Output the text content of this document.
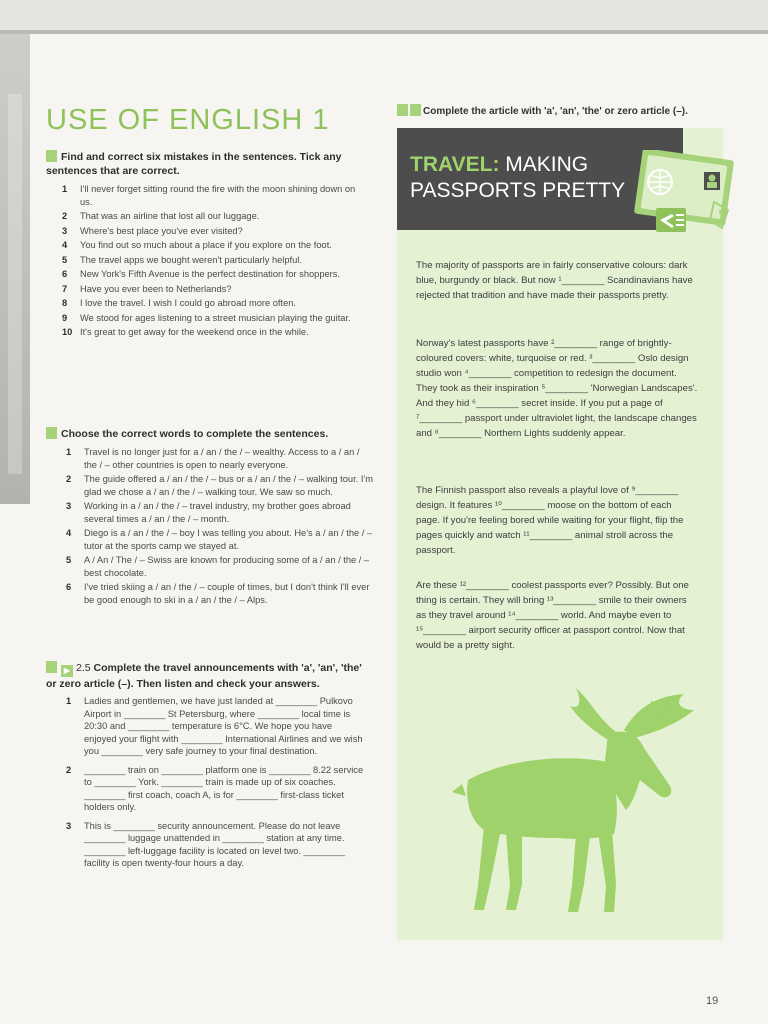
USE OF ENGLISH 1
Find and correct six mistakes in the sentences. Tick any sentences that are correct.
1	I'll never forget sitting round the fire with the moon shining down on us.
2	That was an airline that lost all our luggage.
3	Where's best place you've ever visited?
4	You find out so much about a place if you explore on the foot.
5	The travel apps we bought weren't particularly helpful.
6	New York's Fifth Avenue is the perfect destination for shoppers.
7	Have you ever been to Netherlands?
8	I love the travel. I wish I could go abroad more often.
9	We stood for ages listening to a street musician playing the guitar.
10 It's great to get away for the weekend once in the while.
Choose the correct words to complete the sentences.
1	Travel is no longer just for a / an / the / – wealthy. Access to a / an / the / – other countries is open to nearly everyone.
2	The guide offered a / an / the / – bus or a / an / the / – walking tour. I'm glad we chose a / an / the / – walking tour. We saw so much.
3	Working in a / an / the / – travel industry, my brother goes abroad several times a / an / the / – month.
4	Diego is a / an / the / – boy I was telling you about. He's a / an / the / – tutor at the sports camp we stayed at.
5	A / An / The / – Swiss are known for producing some of a / an / the / – best chocolate.
6	I've tried skiing a / an / the / – couple of times, but I don't think I'll ever be good enough to ski in a / an / the / – Alps.
▶ 2.5 Complete the travel announcements with 'a', 'an', 'the' or zero article (–). Then listen and check your answers.
1	Ladies and gentlemen, we have just landed at ________ Pulkovo Airport in ________ St Petersburg, where ________ local time is 20:30 and ________ temperature is 6°C. We hope you have enjoyed your flight with ________ International Airlines and we wish you ________ very safe journey to your final destination.
2	________ train on ________ platform one is ________ 8.22 service to ________ York. ________ train is made up of six coaches. ________ first coach, coach A, is for ________ first-class ticket holders only.
3	This is ________ security announcement. Please do not leave ________ luggage unattended in ________ station at any time. ________ left-luggage facility is located on level two. ________ facility is open twenty-four hours a day.
Complete the article with 'a', 'an', 'the' or zero article (–).
TRAVEL: MAKING PASSPORTS PRETTY
The majority of passports are in fairly conservative colours: dark blue, burgundy or black. But now ¹________ Scandinavians have rejected that tradition and have made their passports pretty.
Norway's latest passports have ²________ range of brightly-coloured covers: white, turquoise or red. ³________ Oslo design studio won ⁴________ competition to redesign the document. They took as their inspiration ⁵________ 'Norwegian Landscapes'. And they hid ⁶________ secret inside. If you put a page of ⁷________ passport under ultraviolet light, the landscape changes and ⁸________ Northern Lights suddenly appear.
The Finnish passport also reveals a playful love of ⁹________ design. It features ¹⁰________ moose on the bottom of each page. If you're feeling bored while waiting for your flight, flip the pages quickly and watch ¹¹________ animal stroll across the passport.
Are these ¹²________ coolest passports ever? Possibly. But one thing is certain. They will bring ¹³________ smile to their owners as they travel around ¹⁴________ world. And maybe even to ¹⁵________ airport security officer at passport control. Now that would be a pretty sight.
19
